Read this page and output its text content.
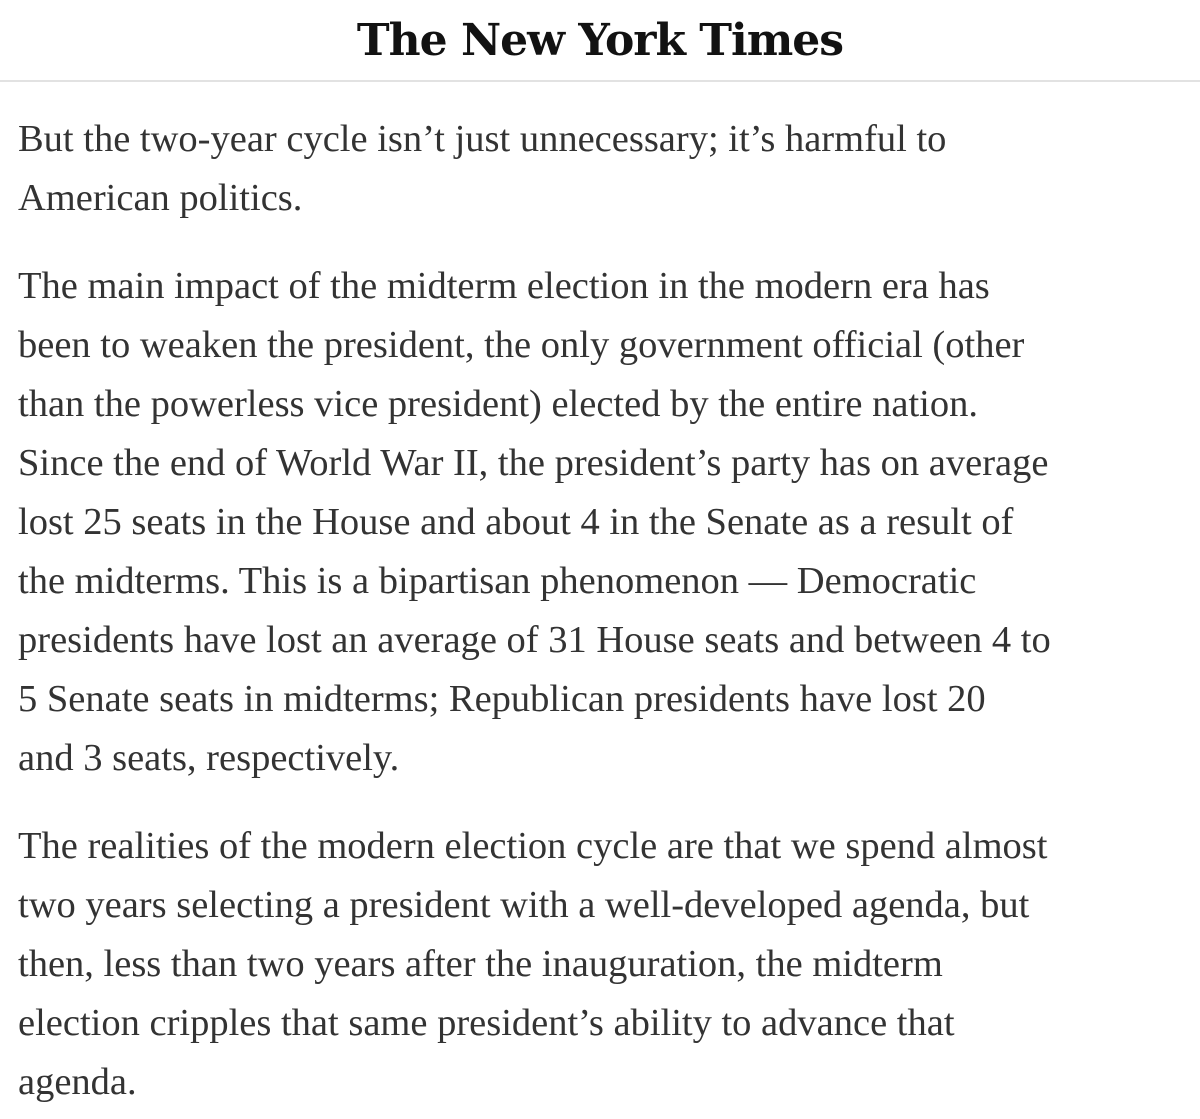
The New York Times

But the two-year cycle isn’t just unnecessary; it’s harmful to
American politics.

The main impact of the midterm election in the modern era has
been to weaken the president, the only government official (other
than the powerless vice president) elected by the entire nation.
Since the end of World War II, the president’s party has on average
lost 25 seats in the House and about 4 in the Senate as a result of
the midterms. This is a bipartisan phenomenon — Democratic
presidents have lost an average of 31 House seats and between 4 to
5 Senate seats in midterms; Republican presidents have lost 20
and 3 seats, respectively.

The realities of the modern election cycle are that we spend almost
two years selecting a president with a well-developed agenda, but
then, less than two years after the inauguration, the midterm
election cripples that same president’s ability to advance that
agenda.
